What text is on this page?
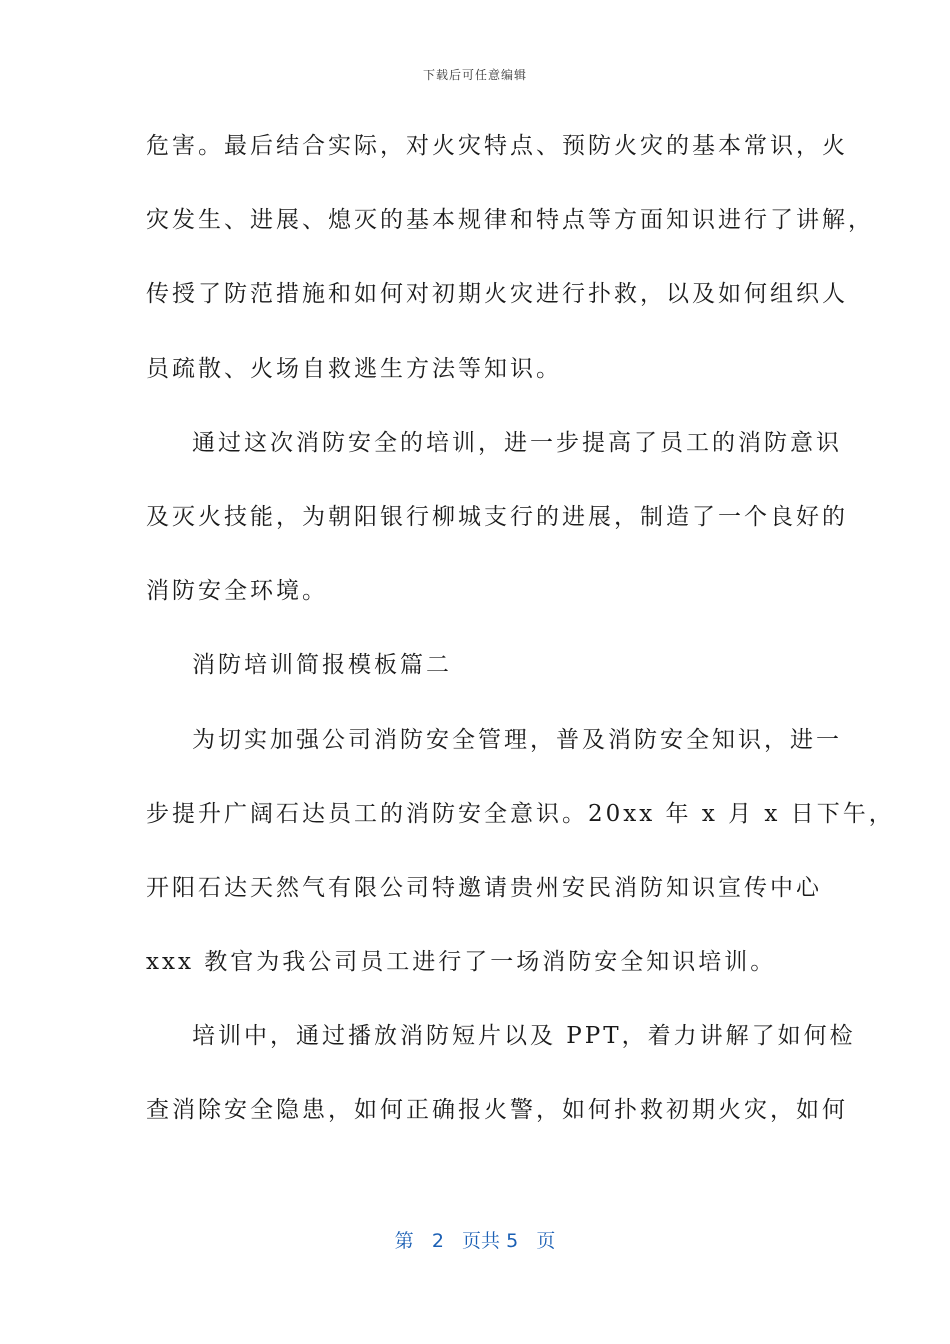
下载后可任意编辑
危害。最后结合实际，对火灾特点、预防火灾的基本常识，火
灾发生、进展、熄灭的基本规律和特点等方面知识进行了讲解，
传授了防范措施和如何对初期火灾进行扑救，以及如何组织人
员疏散、火场自救逃生方法等知识。
通过这次消防安全的培训，进一步提高了员工的消防意识
及灭火技能，为朝阳银行柳城支行的进展，制造了一个良好的
消防安全环境。
消防培训简报模板篇二
为切实加强公司消防安全管理，普及消防安全知识，进一
步提升广阔石达员工的消防安全意识。20xx 年 x 月 x 日下午，
开阳石达天然气有限公司特邀请贵州安民消防知识宣传中心
xxx 教官为我公司员工进行了一场消防安全知识培训。
培训中，通过播放消防短片以及 PPT，着力讲解了如何检
查消除安全隐患，如何正确报火警，如何扑救初期火灾，如何
第 2 页共 5 页
